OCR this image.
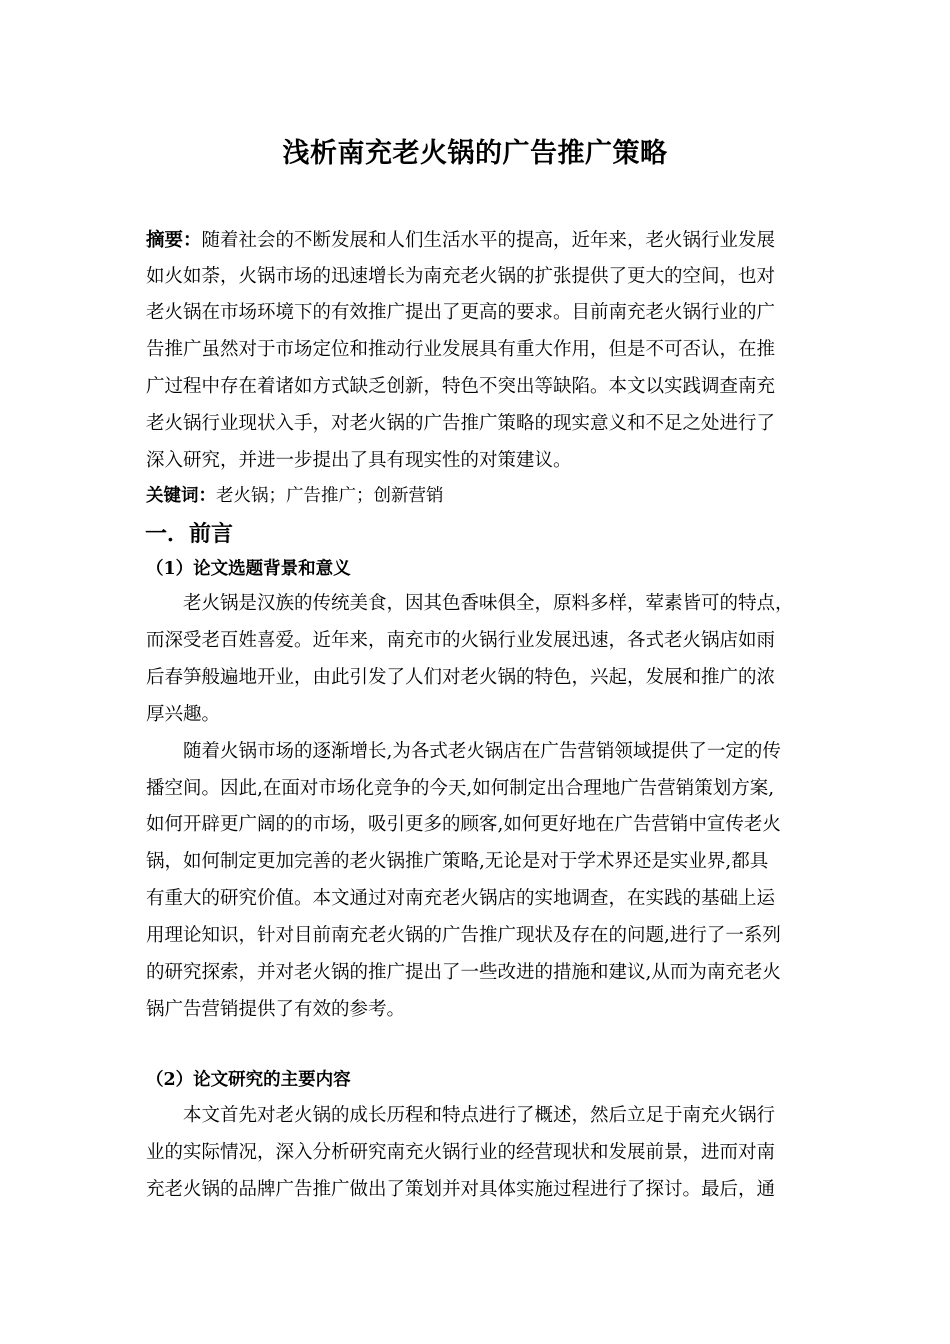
浅析南充老火锅的广告推广策略
摘要：随着社会的不断发展和人们生活水平的提高，近年来，老火锅行业发展
如火如荼，火锅市场的迅速增长为南充老火锅的扩张提供了更大的空间，也对
老火锅在市场环境下的有效推广提出了更高的要求。目前南充老火锅行业的广
告推广虽然对于市场定位和推动行业发展具有重大作用，但是不可否认，在推
广过程中存在着诸如方式缺乏创新，特色不突出等缺陷。本文以实践调查南充
老火锅行业现状入手，对老火锅的广告推广策略的现实意义和不足之处进行了
深入研究，并进一步提出了具有现实性的对策建议。
关键词：老火锅；广告推广；创新营销
一．前言
（1）论文选题背景和意义
老火锅是汉族的传统美食，因其色香味俱全，原料多样，荤素皆可的特点，
而深受老百姓喜爱。近年来，南充市的火锅行业发展迅速，各式老火锅店如雨
后春笋般遍地开业，由此引发了人们对老火锅的特色，兴起，发展和推广的浓
厚兴趣。
随着火锅市场的逐渐增长,为各式老火锅店在广告营销领域提供了一定的传
播空间。因此,在面对市场化竞争的今天,如何制定出合理地广告营销策划方案,
如何开辟更广阔的的市场，吸引更多的顾客,如何更好地在广告营销中宣传老火
锅，如何制定更加完善的老火锅推广策略,无论是对于学术界还是实业界,都具
有重大的研究价值。本文通过对南充老火锅店的实地调查，在实践的基础上运
用理论知识，针对目前南充老火锅的广告推广现状及存在的问题,进行了一系列
的研究探索，并对老火锅的推广提出了一些改进的措施和建议,从而为南充老火
锅广告营销提供了有效的参考。
（2）论文研究的主要内容
本文首先对老火锅的成长历程和特点进行了概述，然后立足于南充火锅行
业的实际情况，深入分析研究南充火锅行业的经营现状和发展前景，进而对南
充老火锅的品牌广告推广做出了策划并对具体实施过程进行了探讨。最后，通
